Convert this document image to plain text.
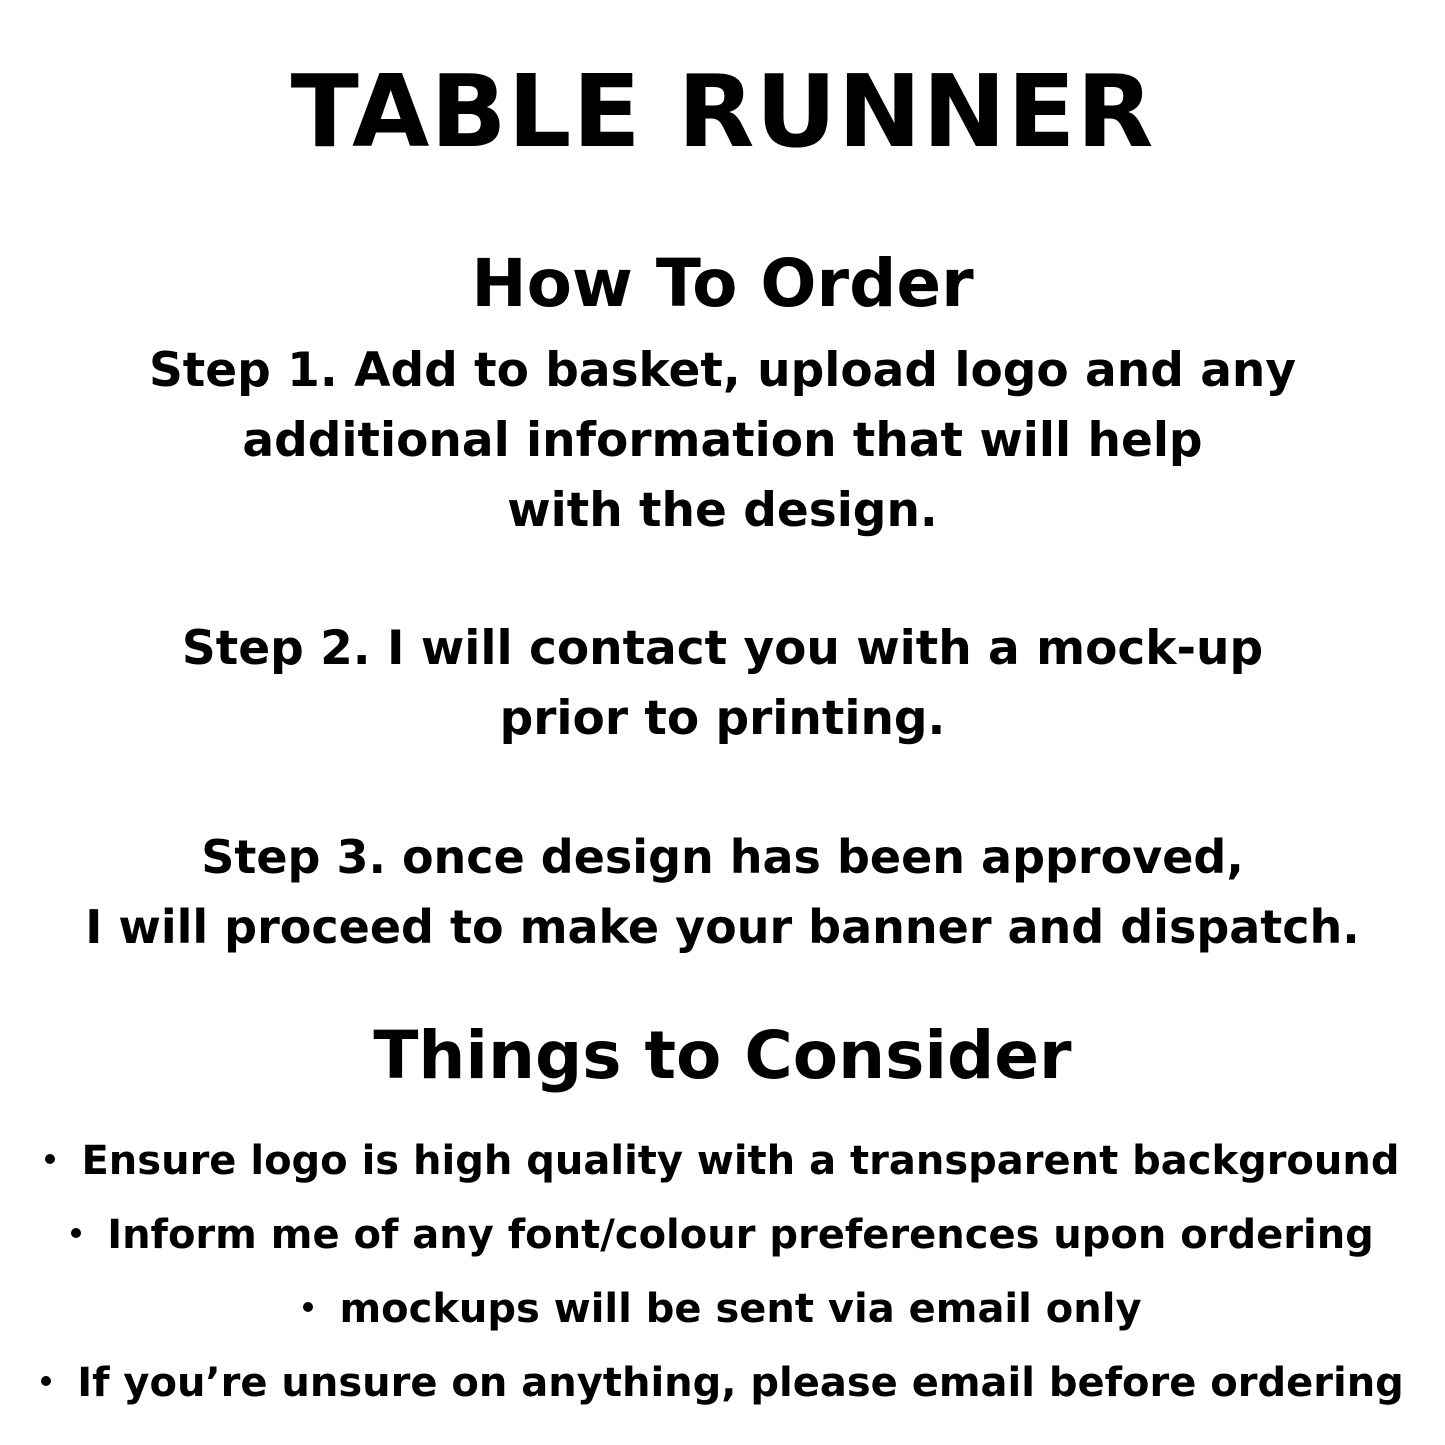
TABLE RUNNER
How To Order
Step 1. Add to basket, upload logo and any
additional information that will help
with the design.
Step 2. I will contact you with a mock-up
prior to printing.
Step 3. once design has been approved,
I will proceed to make your banner and dispatch.
Things to Consider
Ensure logo is high quality with a transparent background
Inform me of any font/colour preferences upon ordering
mockups will be sent via email only
If you’re unsure on anything, please email before ordering
